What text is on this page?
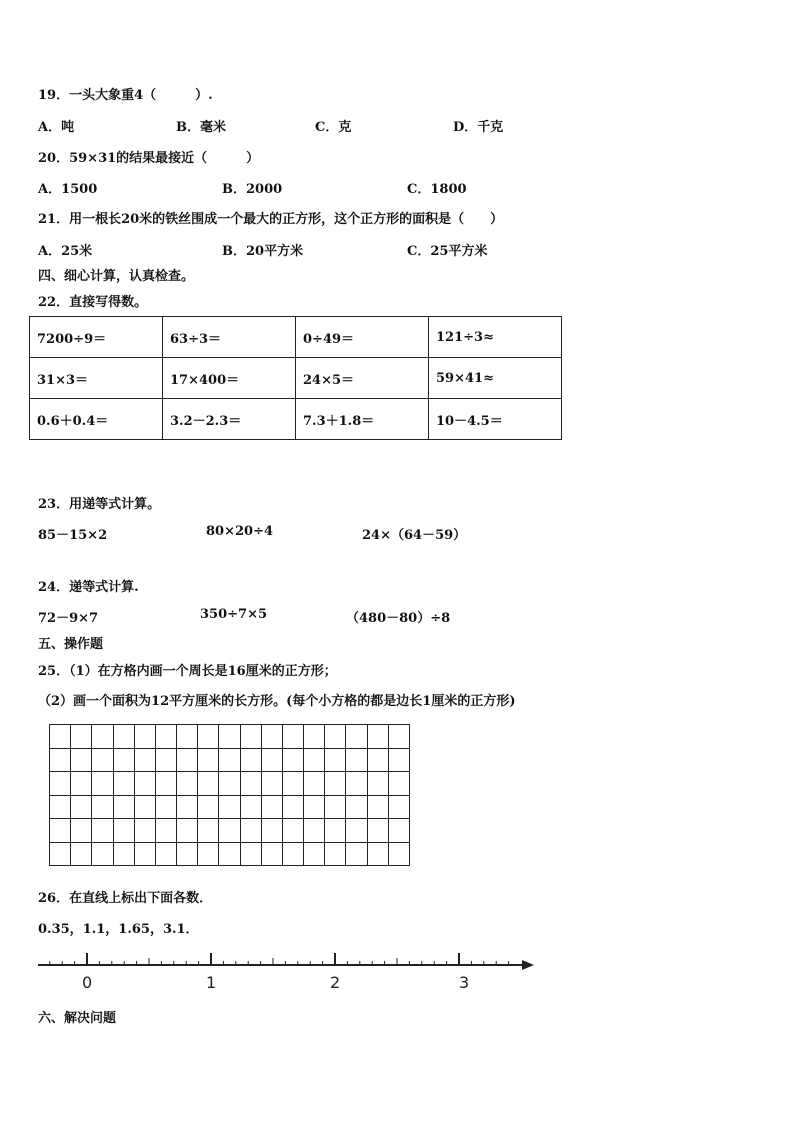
19．一头大象重4（　　　）.
A．吨	B．毫米	C．克	D．千克
20．59×31的结果最接近（　　　）
A．1500	B．2000	C．1800
21．用一根长20米的铁丝围成一个最大的正方形，这个正方形的面积是（　　）
A．25米	B．20平方米	C．25平方米
四、细心计算，认真检查。
22．直接写得数。
7200÷9＝	63÷3＝	0÷49＝	121÷3≈
31×3＝	17×400＝	24×5＝	59×41≈
0.6＋0.4＝	3.2－2.3＝	7.3＋1.8＝	10－4.5＝
23．用递等式计算。
85－15×2	80×20÷4	24×（64－59）
24．递等式计算.
72－9×7	350÷7×5	（480－80）÷8
五、操作题
25．（1）在方格内画一个周长是16厘米的正方形；
（2）画一个面积为12平方厘米的长方形。(每个小方格的都是边长1厘米的正方形)
26．在直线上标出下面各数．
0.35，1.1，1.65，3.1．
0	1	2	3
六、解决问题
